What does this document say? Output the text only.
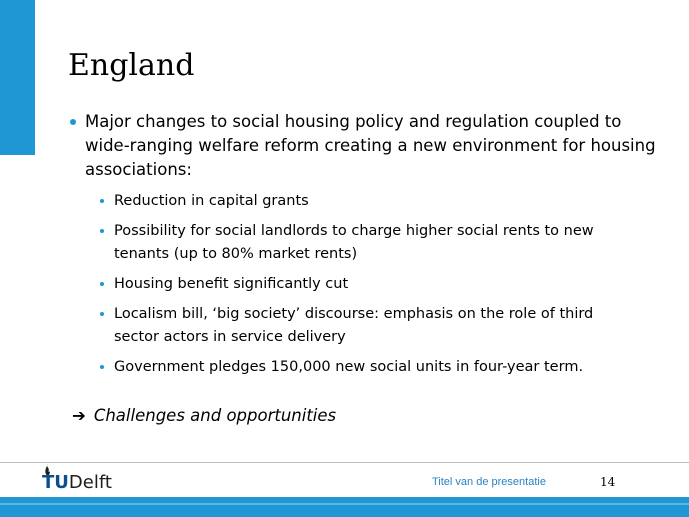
England
Major changes to social housing policy and regulation coupled to wide-ranging welfare reform creating a new environment for housing associations:
Reduction in capital grants
Possibility for social landlords to charge higher social rents to new tenants (up to 80% market rents)
Housing benefit significantly cut
Localism bill, ‘big society’ discourse: emphasis on the role of third sector actors in service delivery
Government pledges 150,000 new social units in four-year term.
➔ Challenges and opportunities
TUDelft	Titel van de presentatie	14
